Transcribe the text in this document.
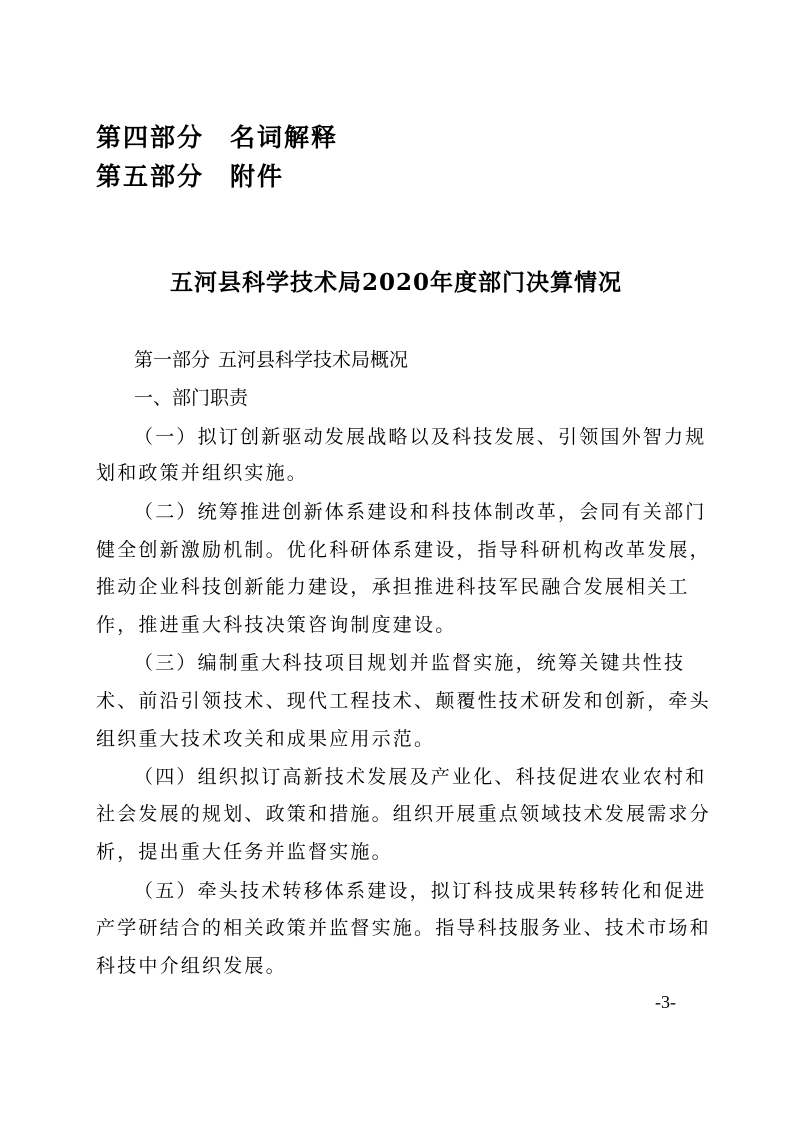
第四部分 名词解释
第五部分 附件
五河县科学技术局2020年度部门决算情况
第一部分 五河县科学技术局概况
一、部门职责
（一）拟订创新驱动发展战略以及科技发展、引领国外智力规
划和政策并组织实施。
（二）统筹推进创新体系建设和科技体制改革，会同有关部门
健全创新激励机制。优化科研体系建设，指导科研机构改革发展，
推动企业科技创新能力建设，承担推进科技军民融合发展相关工
作，推进重大科技决策咨询制度建设。
（三）编制重大科技项目规划并监督实施，统筹关键共性技
术、前沿引领技术、现代工程技术、颠覆性技术研发和创新，牵头
组织重大技术攻关和成果应用示范。
（四）组织拟订高新技术发展及产业化、科技促进农业农村和
社会发展的规划、政策和措施。组织开展重点领域技术发展需求分
析，提出重大任务并监督实施。
（五）牵头技术转移体系建设，拟订科技成果转移转化和促进
产学研结合的相关政策并监督实施。指导科技服务业、技术市场和
科技中介组织发展。
-3-
